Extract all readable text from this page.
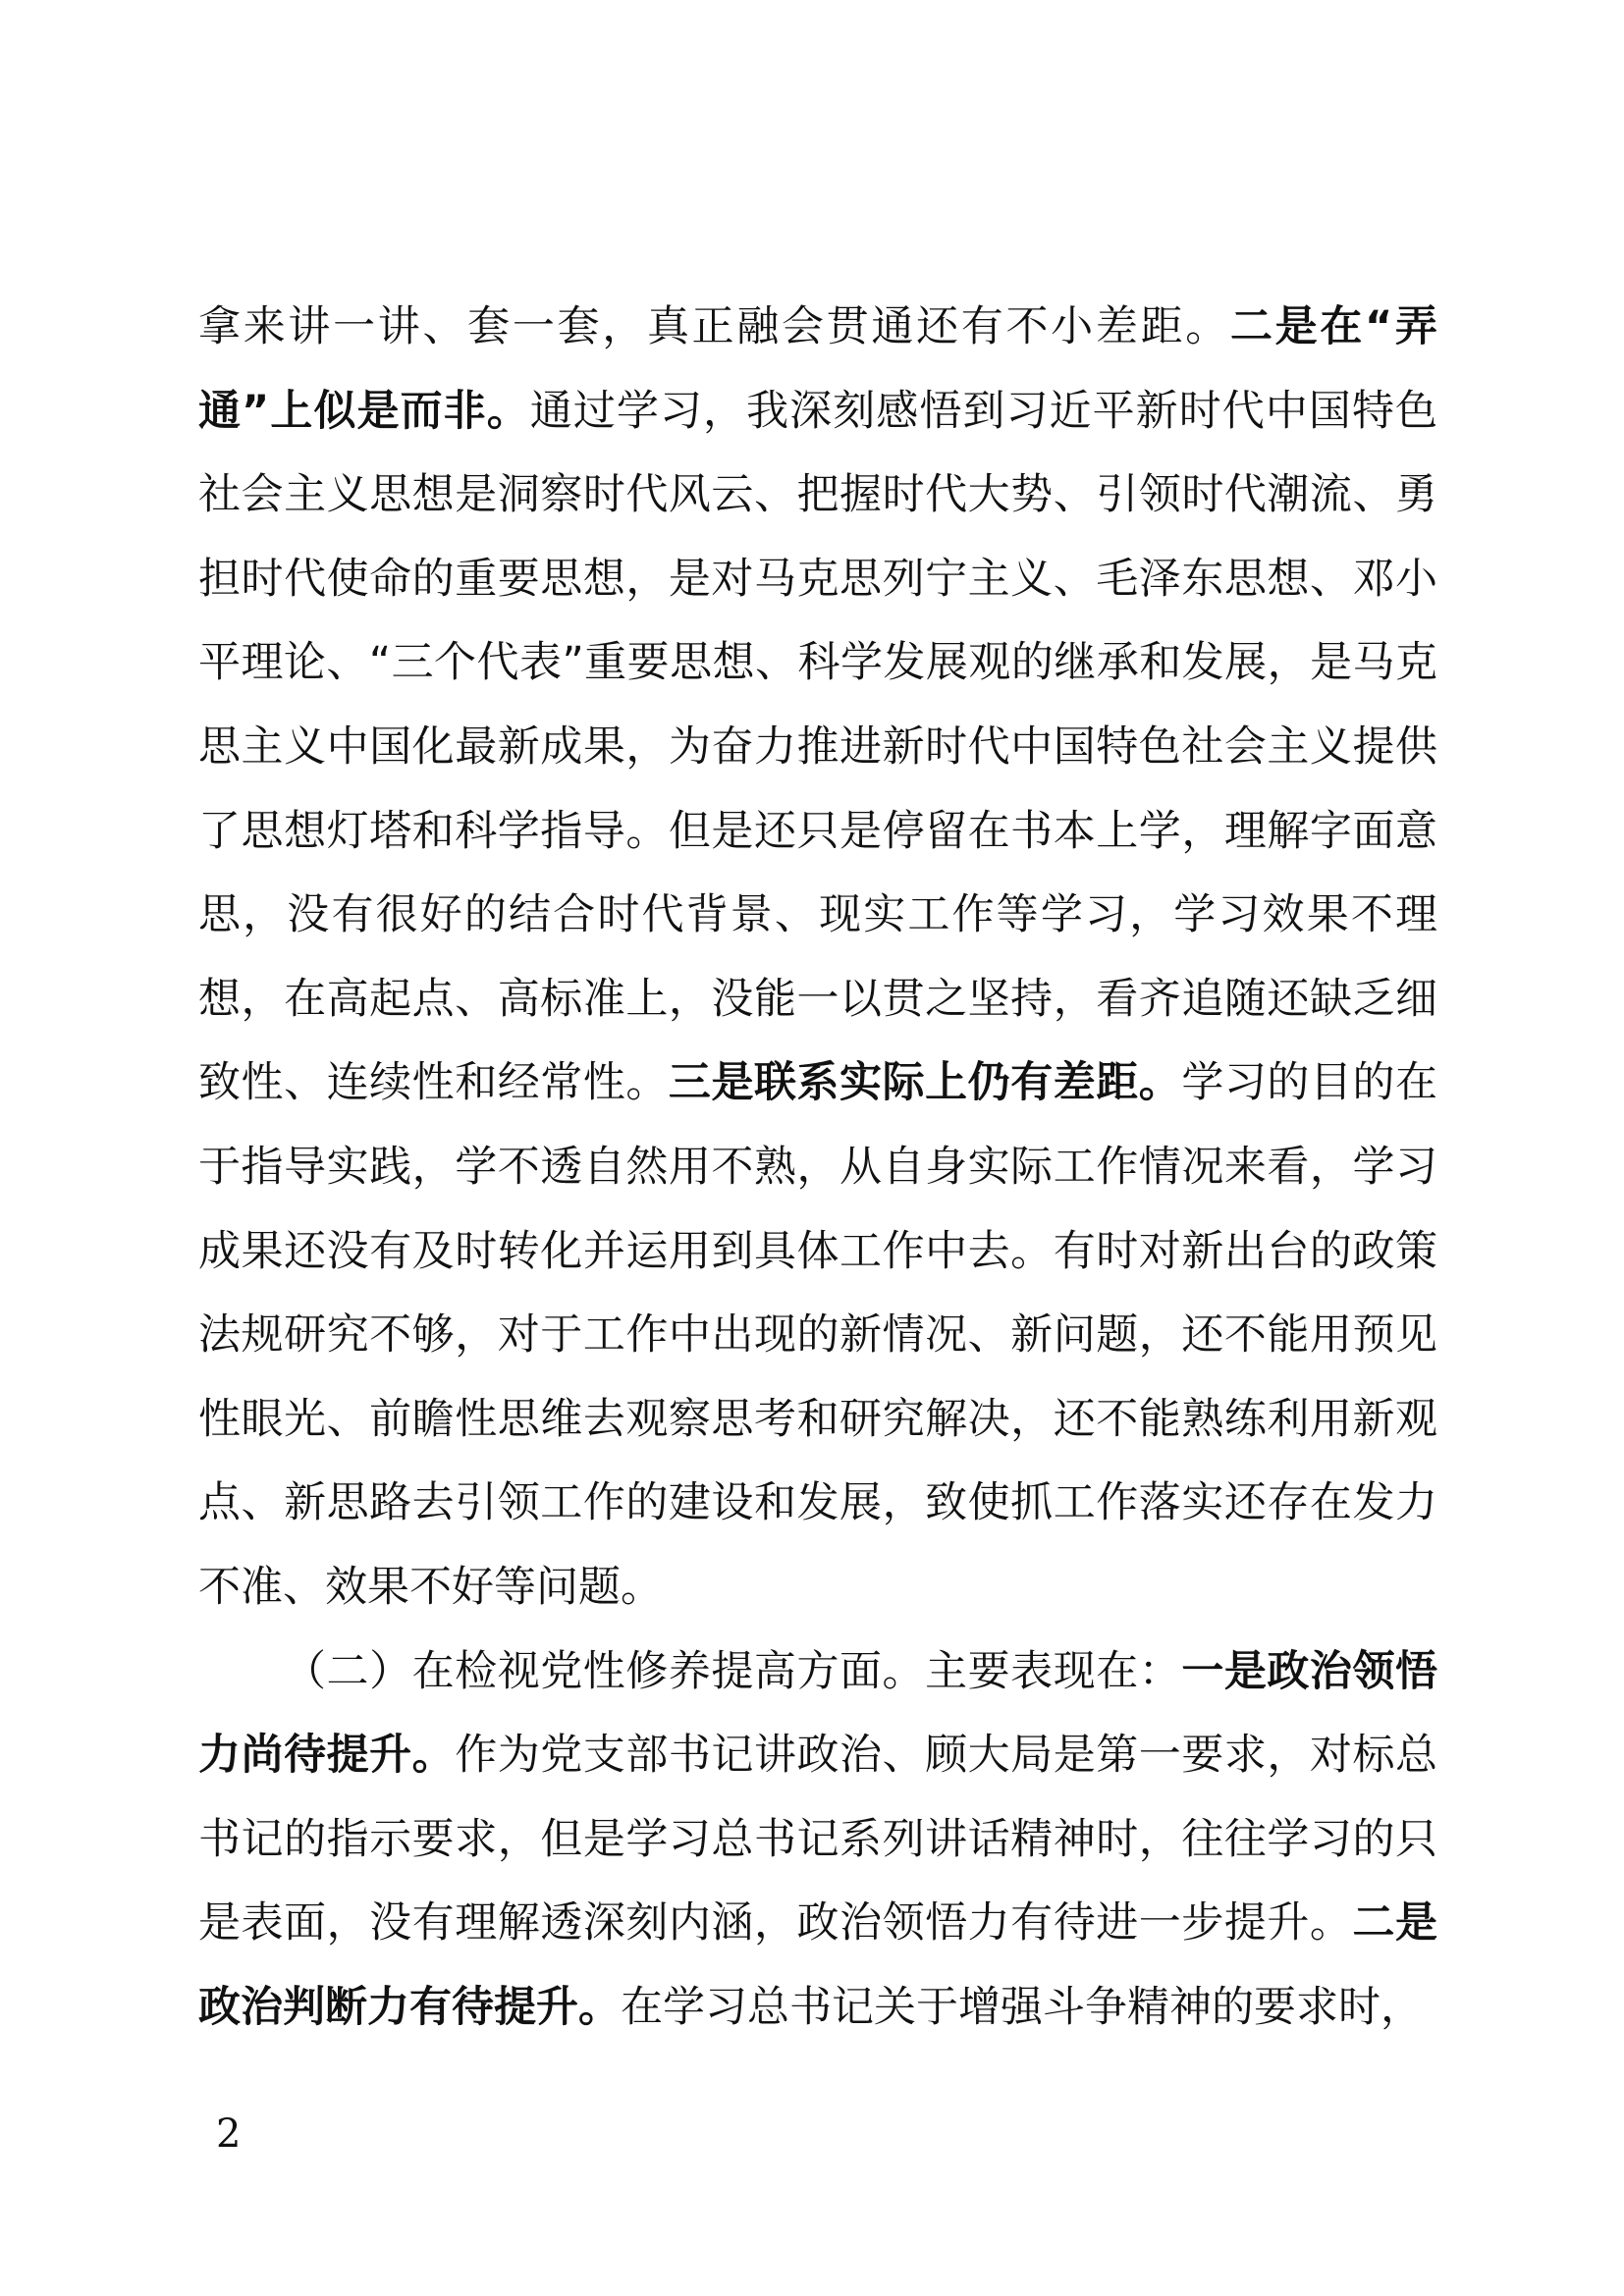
拿来讲一讲、套一套，真正融会贯通还有不小差距。二是在“弄通”上似是而非。通过学习，我深刻感悟到习近平新时代中国特色社会主义思想是洞察时代风云、把握时代大势、引领时代潮流、勇担时代使命的重要思想，是对马克思列宁主义、毛泽东思想、邓小平理论、“三个代表”重要思想、科学发展观的继承和发展，是马克思主义中国化最新成果，为奋力推进新时代中国特色社会主义提供了思想灯塔和科学指导。但是还只是停留在书本上学，理解字面意思，没有很好的结合时代背景、现实工作等学习，学习效果不理想，在高起点、高标准上，没能一以贯之坚持，看齐追随还缺乏细致性、连续性和经常性。三是联系实际上仍有差距。学习的目的在于指导实践，学不透自然用不熟，从自身实际工作情况来看，学习成果还没有及时转化并运用到具体工作中去。有时对新出台的政策法规研究不够，对于工作中出现的新情况、新问题，还不能用预见性眼光、前瞻性思维去观察思考和研究解决，还不能熟练利用新观点、新思路去引领工作的建设和发展，致使抓工作落实还存在发力不准、效果不好等问题。

（二）在检视党性修养提高方面。主要表现在：一是政治领悟力尚待提升。作为党支部书记讲政治、顾大局是第一要求，对标总书记的指示要求，但是学习总书记系列讲话精神时，往往学习的只是表面，没有理解透深刻内涵，政治领悟力有待进一步提升。二是政治判断力有待提升。在学习总书记关于增强斗争精神的要求时，

2
